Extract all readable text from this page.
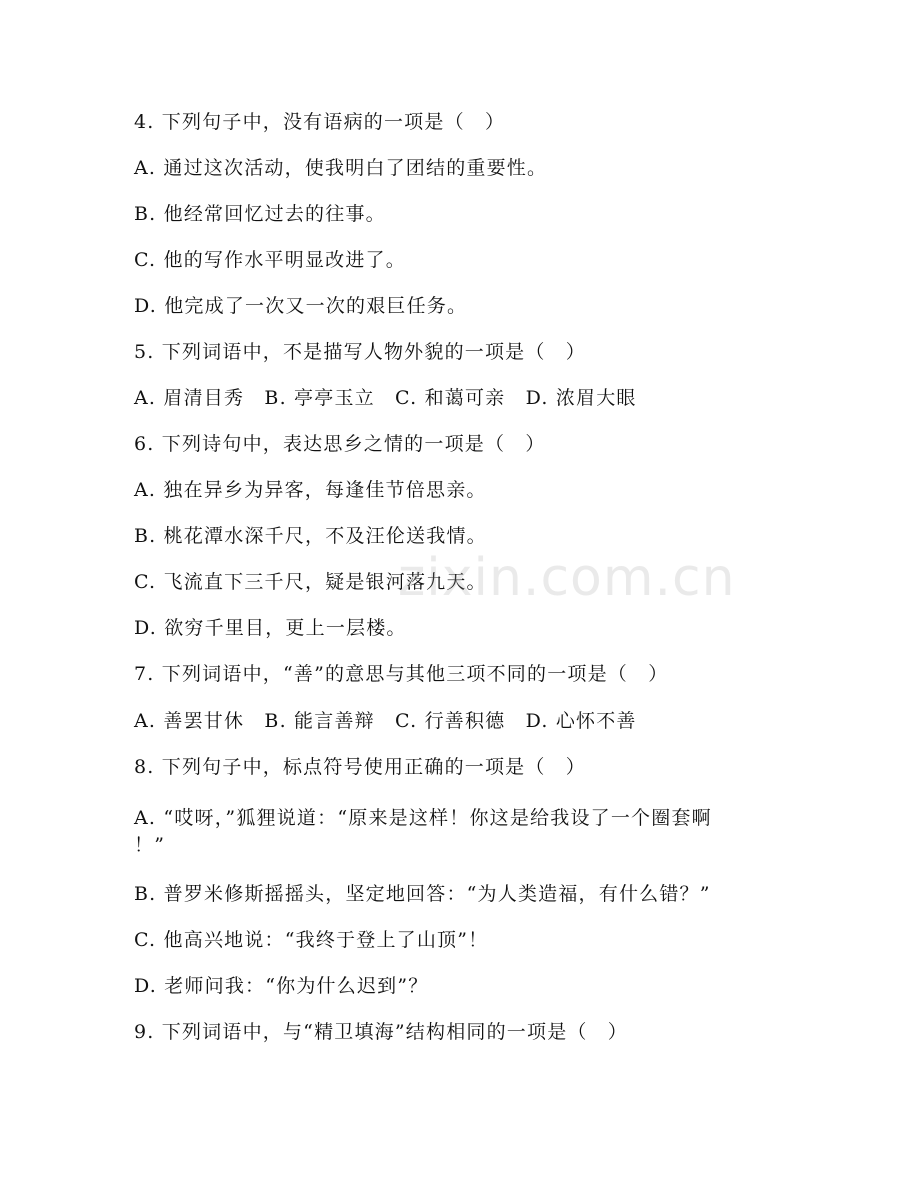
4. 下列句子中，没有语病的一项是（　）
A. 通过这次活动，使我明白了团结的重要性。
B. 他经常回忆过去的往事。
C. 他的写作水平明显改进了。
D. 他完成了一次又一次的艰巨任务。
5. 下列词语中，不是描写人物外貌的一项是（　）
A. 眉清目秀　B. 亭亭玉立　C. 和蔼可亲　D. 浓眉大眼
6. 下列诗句中，表达思乡之情的一项是（　）
A. 独在异乡为异客，每逢佳节倍思亲。
B. 桃花潭水深千尺，不及汪伦送我情。
C. 飞流直下三千尺，疑是银河落九天。
D. 欲穷千里目，更上一层楼。
7. 下列词语中，“善”的意思与其他三项不同的一项是（　）
A. 善罢甘休　B. 能言善辩　C. 行善积德　D. 心怀不善
8. 下列句子中，标点符号使用正确的一项是（　）
A. “哎呀，”狐狸说道：“原来是这样！你这是给我设了一个圈套啊
！”
B. 普罗米修斯摇摇头，坚定地回答：“为人类造福，有什么错？”
C. 他高兴地说：“我终于登上了山顶”！
D. 老师问我：“你为什么迟到”？
9. 下列词语中，与“精卫填海”结构相同的一项是（　）
zixin.com.cn
